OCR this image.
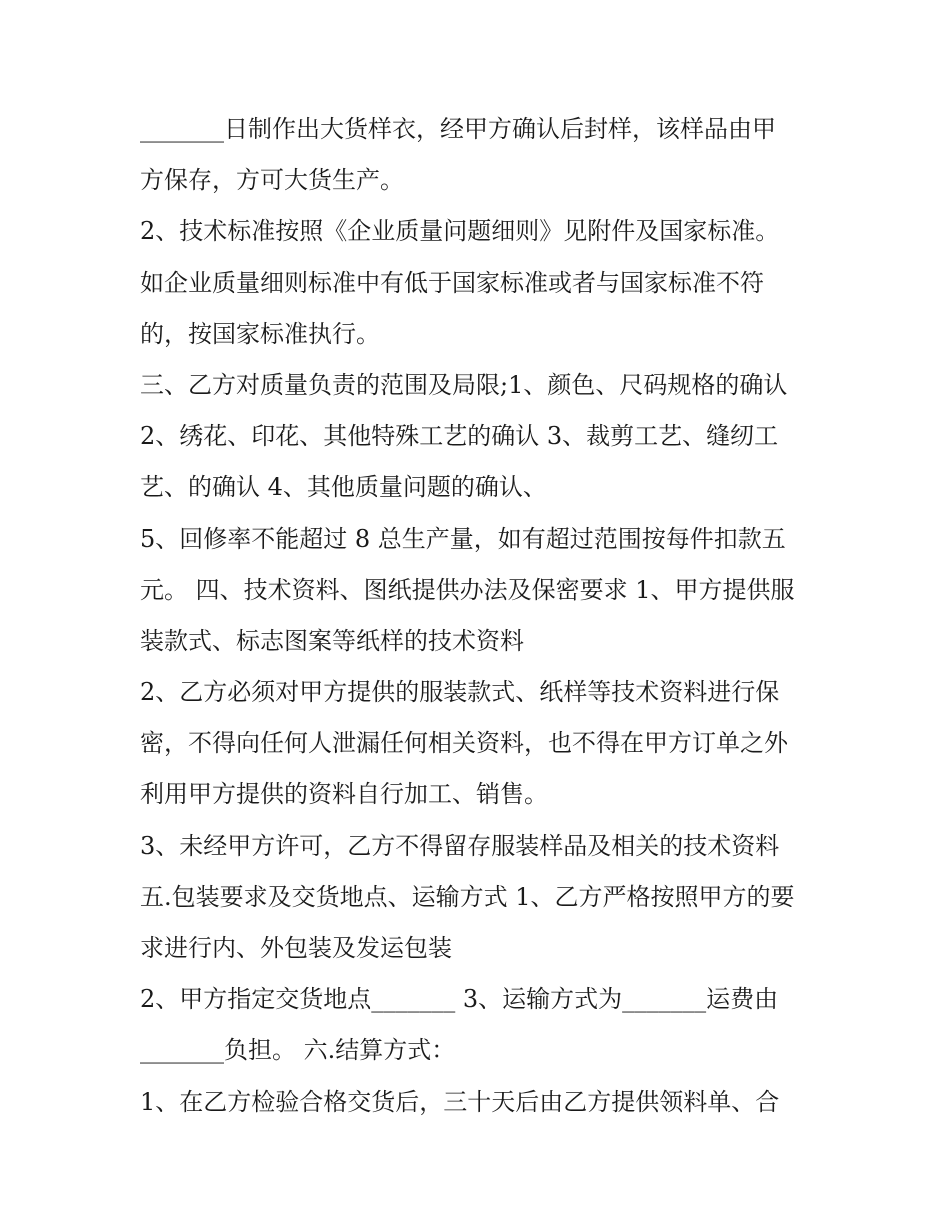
_______日制作出大货样衣，经甲方确认后封样，该样品由甲
方保存，方可大货生产。
2、技术标准按照《企业质量问题细则》见附件及国家标准。
如企业质量细则标准中有低于国家标准或者与国家标准不符
的，按国家标准执行。
三、乙方对质量负责的范围及局限;1、颜色、尺码规格的确认
2、绣花、印花、其他特殊工艺的确认 3、裁剪工艺、缝纫工
艺、的确认 4、其他质量问题的确认、
5、回修率不能超过 8 总生产量，如有超过范围按每件扣款五
元。 四、技术资料、图纸提供办法及保密要求 1、甲方提供服
装款式、标志图案等纸样的技术资料
2、乙方必须对甲方提供的服装款式、纸样等技术资料进行保
密，不得向任何人泄漏任何相关资料，也不得在甲方订单之外
利用甲方提供的资料自行加工、销售。
3、未经甲方许可，乙方不得留存服装样品及相关的技术资料
五.包装要求及交货地点、运输方式 1、乙方严格按照甲方的要
求进行内、外包装及发运包装
2、甲方指定交货地点_______ 3、运输方式为_______运费由
_______负担。 六.结算方式：
1、在乙方检验合格交货后，三十天后由乙方提供领料单、合
